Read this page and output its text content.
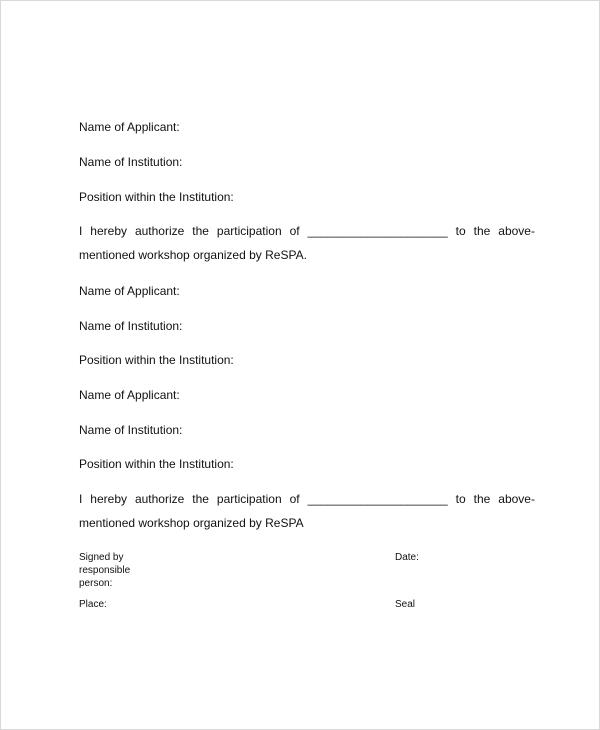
Name of Applicant:
Name of Institution:
Position within the Institution:
I hereby authorize the participation of _____________________ to the above-
mentioned workshop organized by ReSPA.
Name of Applicant:
Name of Institution:
Position within the Institution:
Name of Applicant:
Name of Institution:
Position within the Institution:
I hereby authorize the participation of _____________________ to the above-
mentioned workshop organized by ReSPA
Signed by
responsible
person:
Date:
Place:	Seal
